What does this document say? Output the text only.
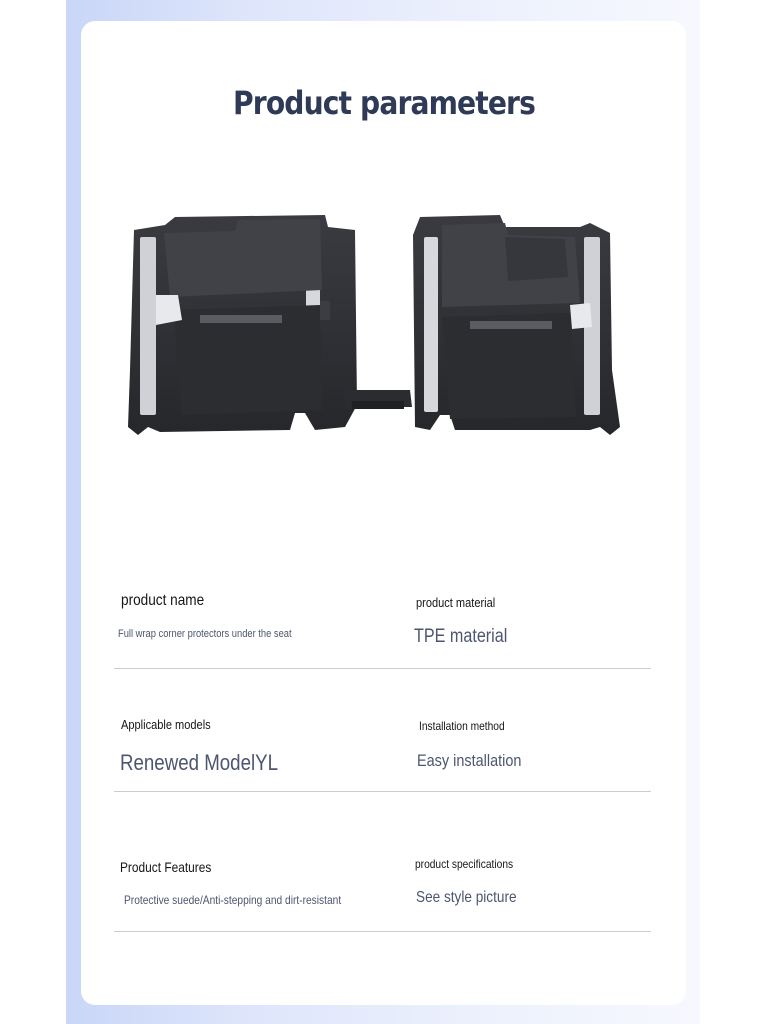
Product parameters
product name
Full wrap corner protectors under the seat
product material
TPE material
Applicable models
Renewed ModelYL
Installation method
Easy installation
Product Features
Protective suede/Anti-stepping and dirt-resistant
product specifications
See style picture
